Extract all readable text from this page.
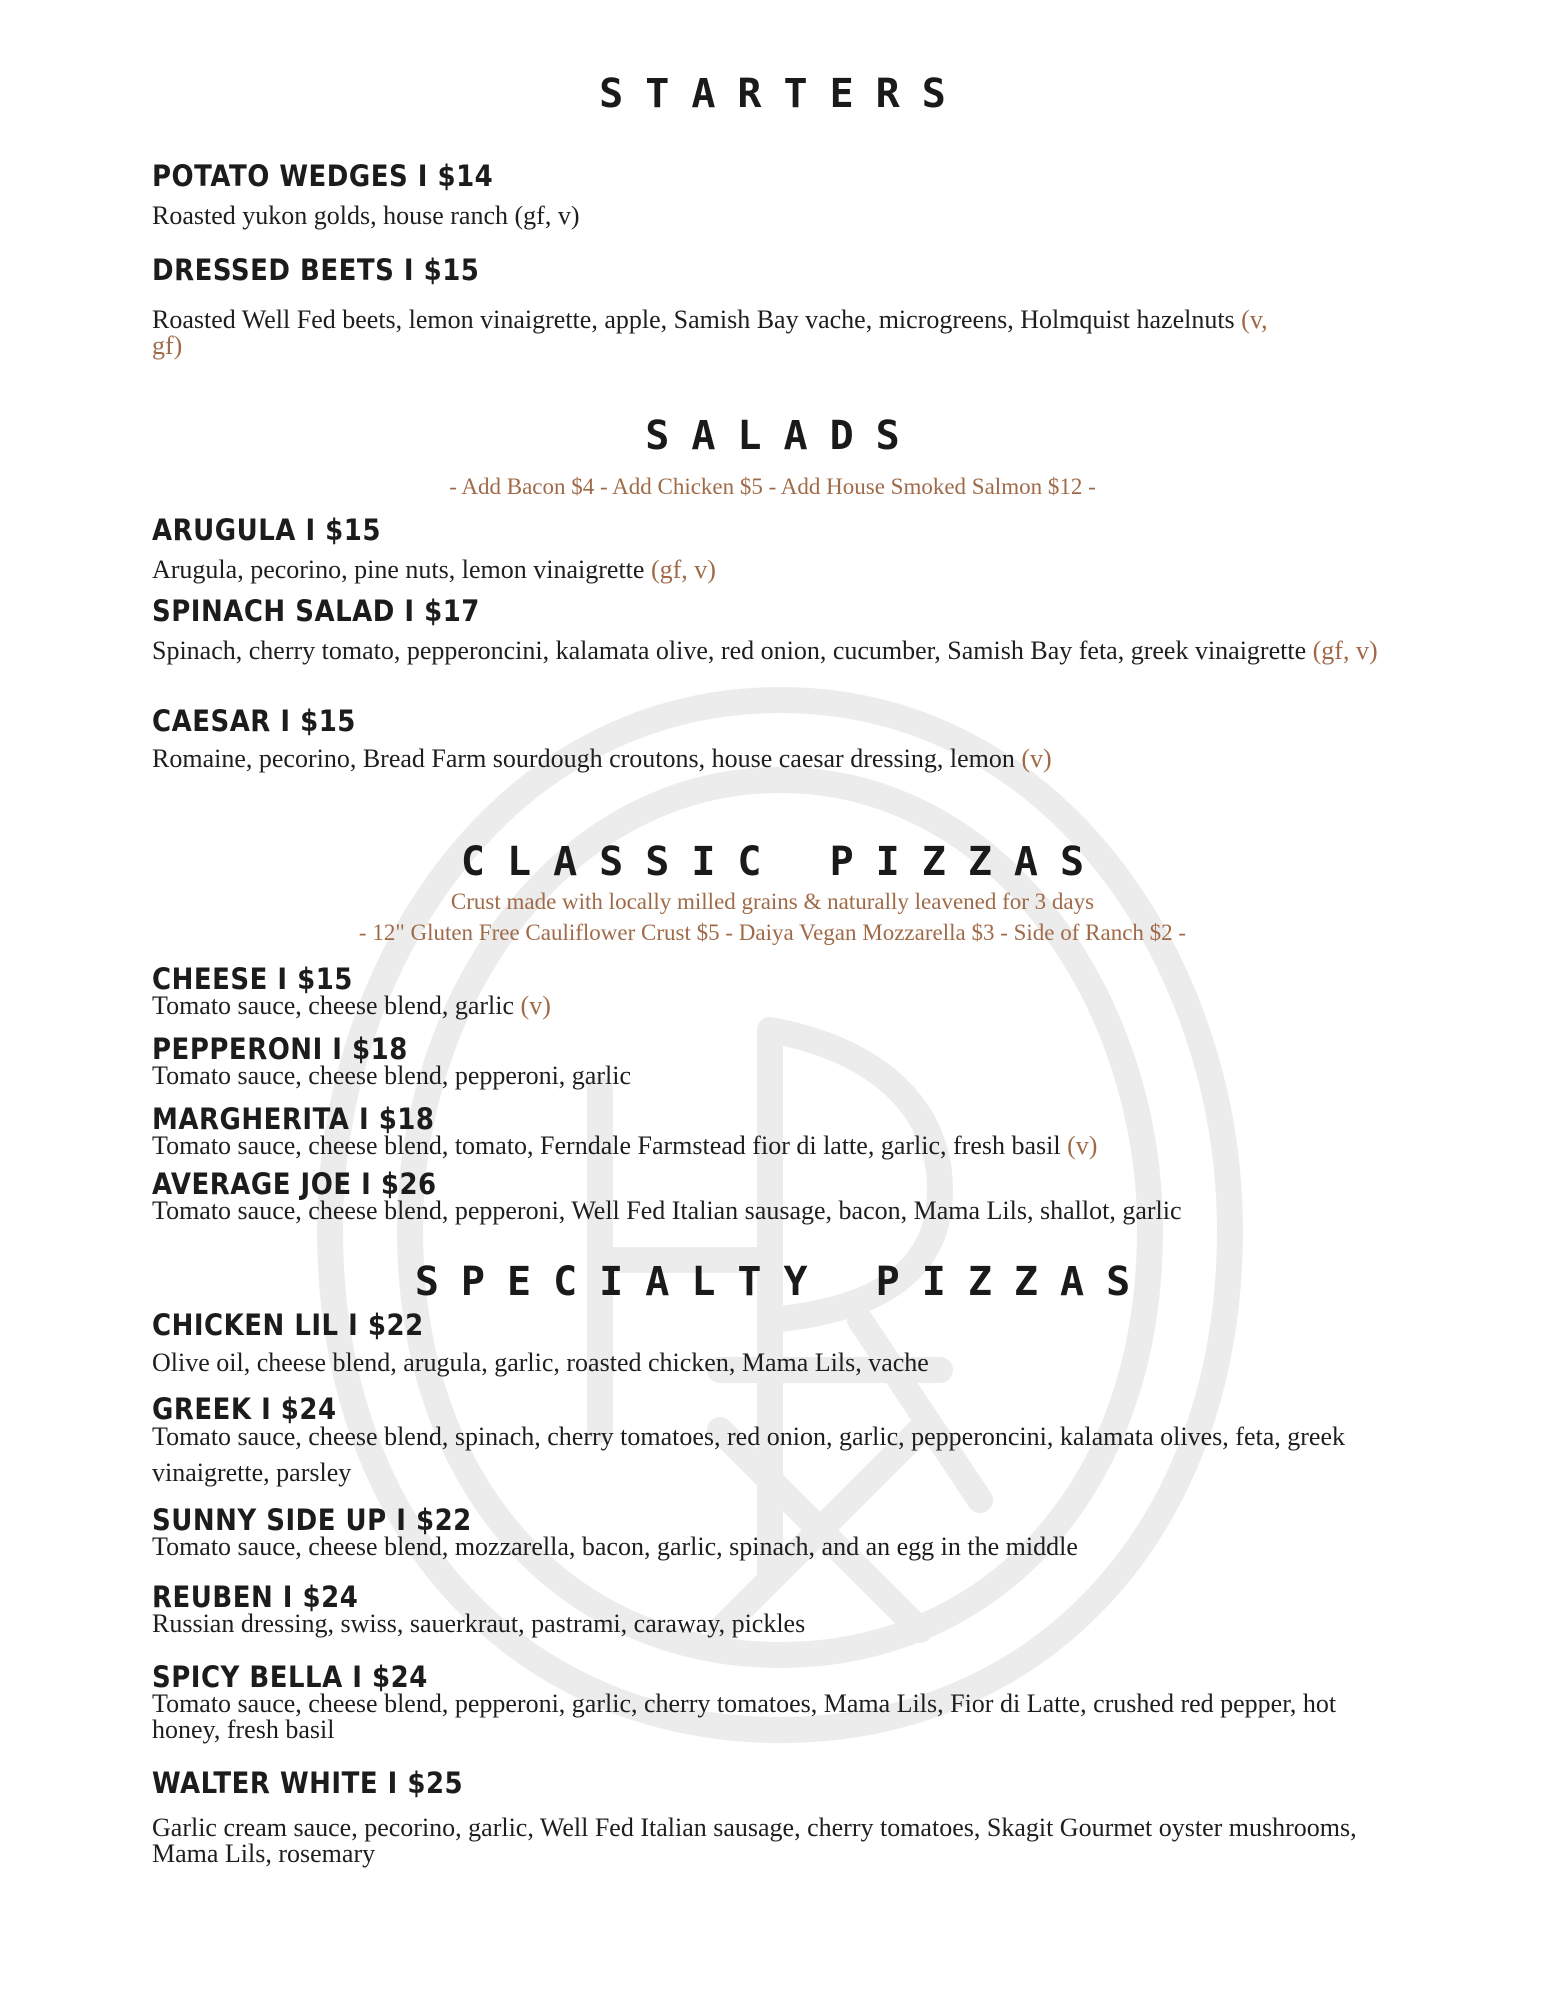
STARTERS
POTATO WEDGES I $14

Roasted yukon golds, house ranch (gf, v)

DRESSED BEETS I $15

Roasted Well Fed beets, lemon vinaigrette, apple, Samish Bay vache, microgreens, Holmquist hazelnuts (v, gf)

SALADS

- Add Bacon $4 - Add Chicken $5 - Add House Smoked Salmon $12 -

ARUGULA I $15

Arugula, pecorino, pine nuts, lemon vinaigrette (gf, v)

SPINACH SALAD I $17

Spinach, cherry tomato, pepperoncini, kalamata olive, red onion, cucumber, Samish Bay feta, greek vinaigrette (gf, v)

CAESAR I $15

Romaine, pecorino, Bread Farm sourdough croutons, house caesar dressing, lemon (v)

CLASSIC PIZZAS

Crust made with locally milled grains & naturally leavened for 3 days

- 12" Gluten Free Cauliflower Crust $5 - Daiya Vegan Mozzarella $3 - Side of Ranch $2 -

CHEESE I $15

Tomato sauce, cheese blend, garlic (v)

PEPPERONI I $18

Tomato sauce, cheese blend, pepperoni, garlic

MARGHERITA I $18

Tomato sauce, cheese blend, tomato, Ferndale Farmstead fior di latte, garlic, fresh basil (v)

AVERAGE JOE I $26

Tomato sauce, cheese blend, pepperoni, Well Fed Italian sausage, bacon, Mama Lils, shallot, garlic

SPECIALTY PIZZAS
CHICKEN LIL I $22

Olive oil, cheese blend, arugula, garlic, roasted chicken, Mama Lils, vache

GREEK I $24

Tomato sauce, cheese blend, spinach, cherry tomatoes, red onion, garlic, pepperoncini, kalamata olives, feta, greek vinaigrette, parsley

SUNNY SIDE UP I $22

Tomato sauce, cheese blend, mozzarella, bacon, garlic, spinach, and an egg in the middle

REUBEN I $24

Russian dressing, swiss, sauerkraut, pastrami, caraway, pickles

SPICY BELLA I $24

Tomato sauce, cheese blend, pepperoni, garlic, cherry tomatoes, Mama Lils, Fior di Latte, crushed red pepper, hot honey, fresh basil

WALTER WHITE I $25

Garlic cream sauce, pecorino, garlic, Well Fed Italian sausage, cherry tomatoes, Skagit Gourmet oyster mushrooms, Mama Lils, rosemary
